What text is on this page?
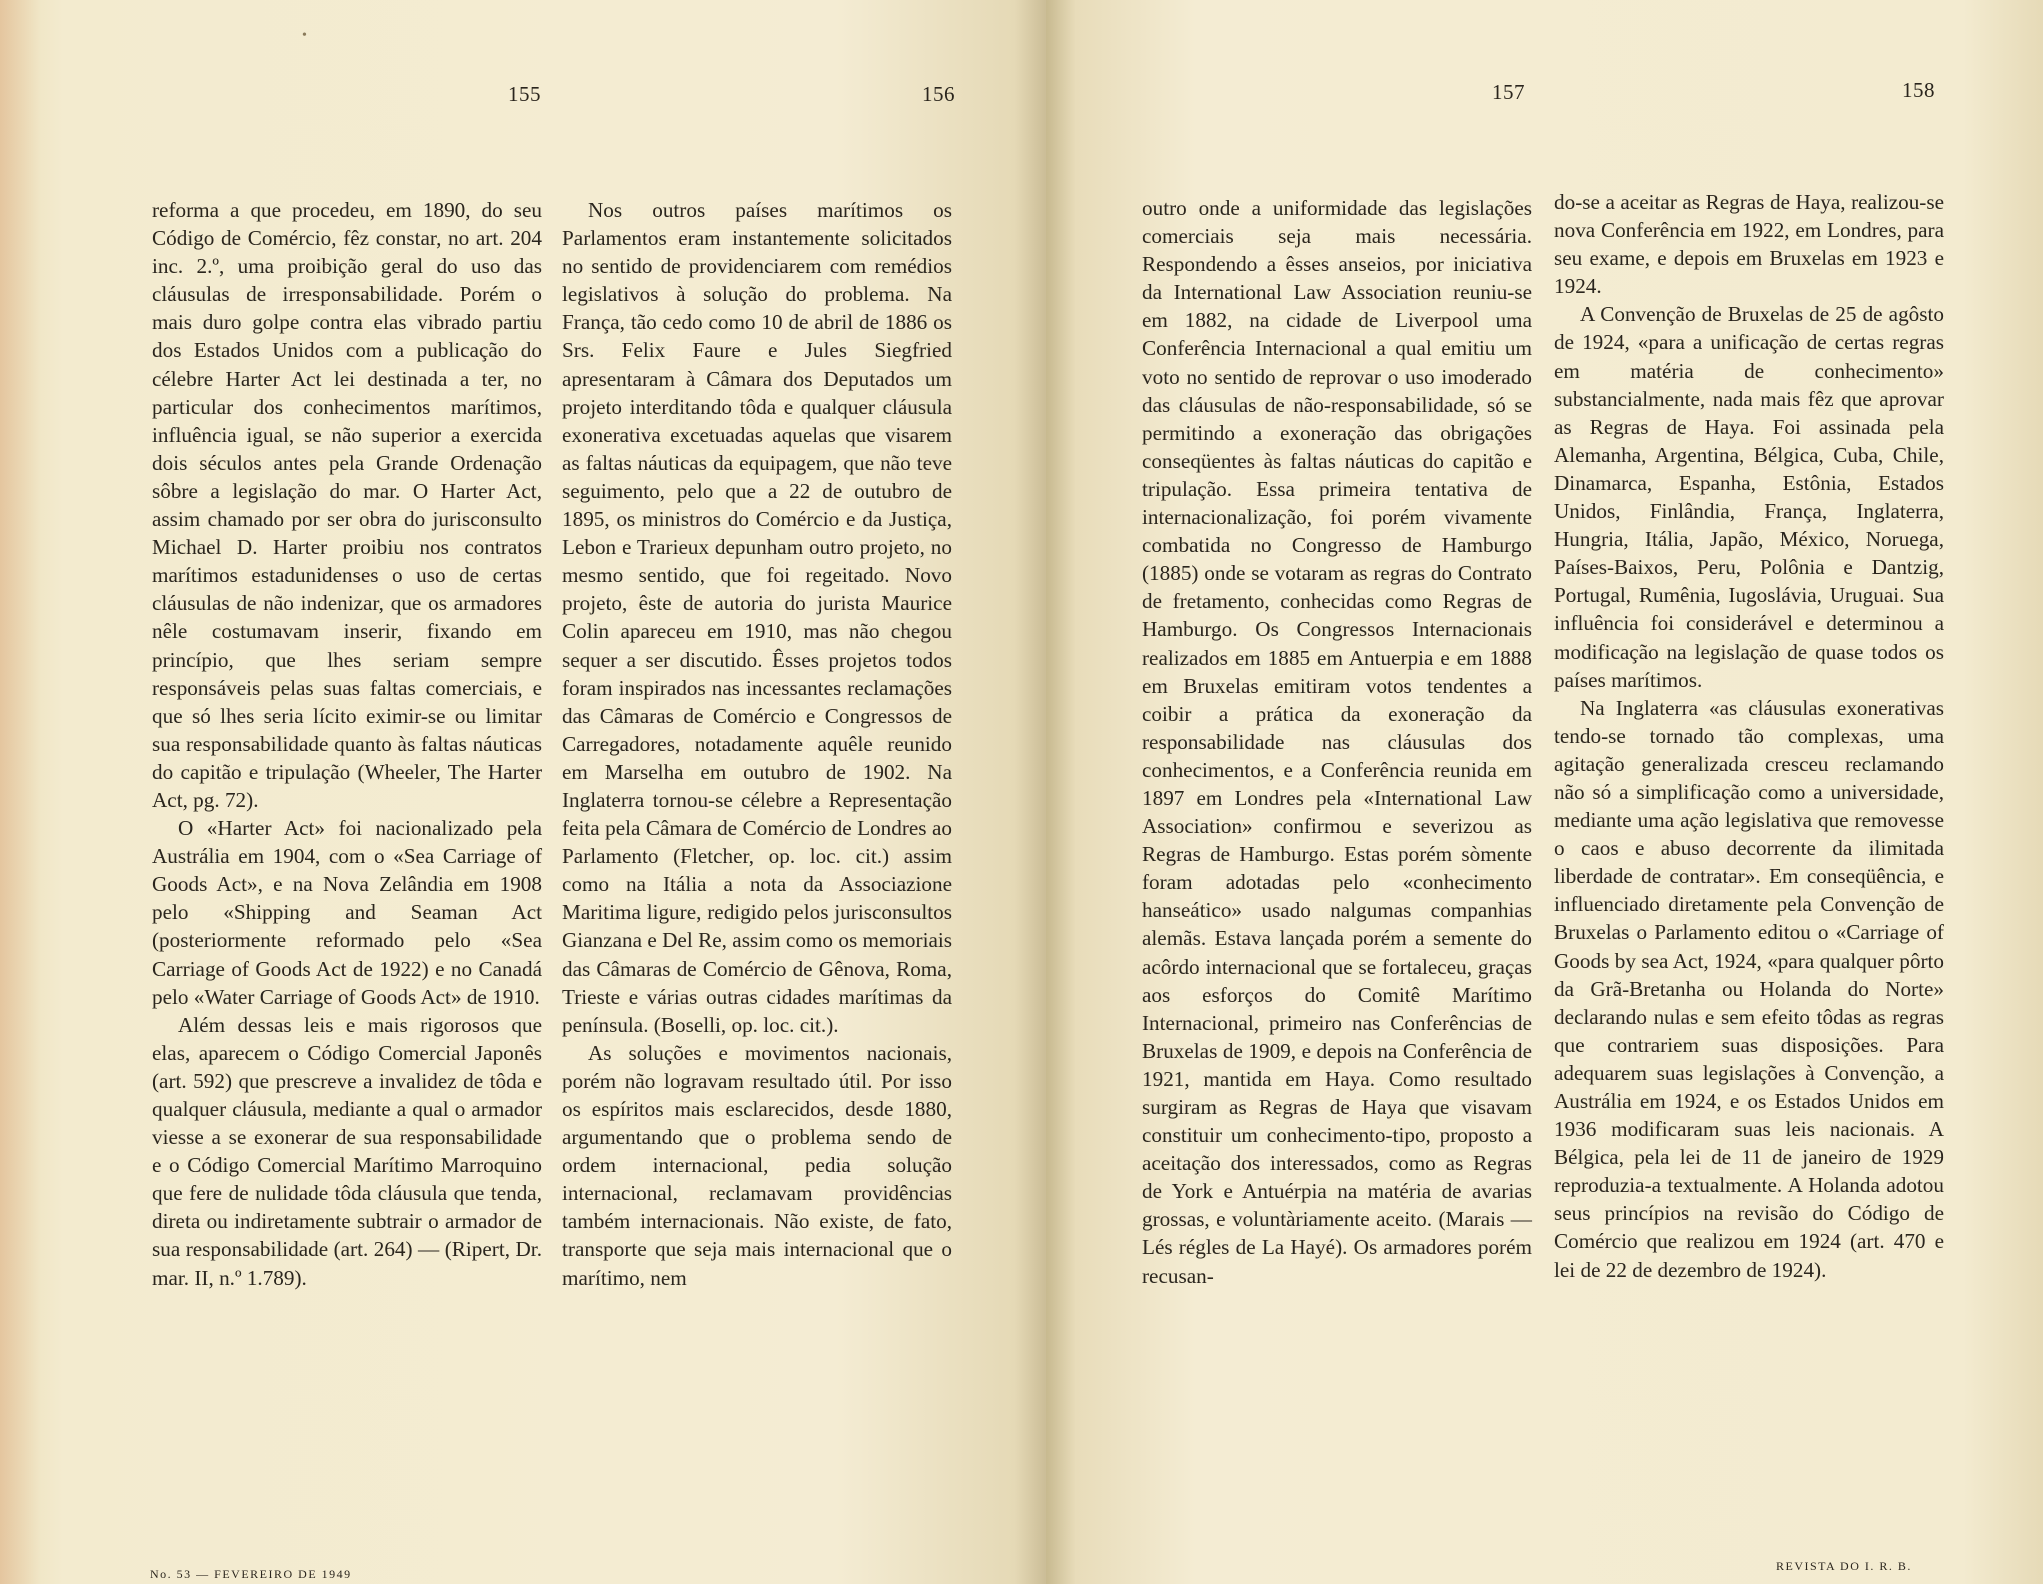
•
155	156

reforma a que procedeu, em 1890, do seu Código de Comércio, fêz constar, no art. 204 inc. 2.º, uma proibição geral do uso das cláusulas de irresponsabilidade. Porém o mais duro golpe contra elas vibrado partiu dos Estados Unidos com a publicação do célebre Harter Act lei destinada a ter, no particular dos conhecimentos marítimos, influência igual, se não superior a exercida dois séculos antes pela Grande Ordenação sôbre a legislação do mar. O Harter Act, assim chamado por ser obra do jurisconsulto Michael D. Harter proibiu nos contratos marítimos estadunidenses o uso de certas cláusulas de não indenizar, que os armadores nêle costumavam inserir, fixando em princípio, que lhes seriam sempre responsáveis pelas suas faltas comerciais, e que só lhes seria lícito eximir-se ou limitar sua responsabilidade quanto às faltas náuticas do capitão e tripulação (Wheeler, The Harter Act, pg. 72).

O «Harter Act» foi nacionalizado pela Austrália em 1904, com o «Sea Carriage of Goods Act», e na Nova Zelândia em 1908 pelo «Shipping and Seaman Act (posteriormente reformado pelo «Sea Carriage of Goods Act de 1922) e no Canadá pelo «Water Carriage of Goods Act» de 1910.

Além dessas leis e mais rigorosos que elas, aparecem o Código Comercial Japonês (art. 592) que prescreve a invalidez de tôda e qualquer cláusula, mediante a qual o armador viesse a se exonerar de sua responsabilidade e o Código Comercial Marítimo Marroquino que fere de nulidade tôda cláusula que tenda, direta ou indiretamente subtrair o armador de sua responsabilidade (art. 264) — (Ripert, Dr. mar. II, n.º 1.789).

Nos outros países marítimos os Parlamentos eram instantemente solicitados no sentido de providenciarem com remédios legislativos à solução do problema. Na França, tão cedo como 10 de abril de 1886 os Srs. Felix Faure e Jules Siegfried apresentaram à Câmara dos Deputados um projeto interditando tôda e qualquer cláusula exonerativa excetuadas aquelas que visarem as faltas náuticas da equipagem, que não teve seguimento, pelo que a 22 de outubro de 1895, os ministros do Comércio e da Justiça, Lebon e Trarieux depunham outro projeto, no mesmo sentido, que foi regeitado. Novo projeto, êste de autoria do jurista Maurice Colin apareceu em 1910, mas não chegou sequer a ser discutido. Êsses projetos todos foram inspirados nas incessantes reclamações das Câmaras de Comércio e Congressos de Carregadores, notadamente aquêle reunido em Marselha em outubro de 1902. Na Inglaterra tornou-se célebre a Representação feita pela Câmara de Comércio de Londres ao Parlamento (Fletcher, op. loc. cit.) assim como na Itália a nota da Associazione Maritima ligure, redigido pelos jurisconsultos Gianzana e Del Re, assim como os memoriais das Câmaras de Comércio de Gênova, Roma, Trieste e várias outras cidades marítimas da península. (Boselli, op. loc. cit.).

As soluções e movimentos nacionais, porém não logravam resultado útil. Por isso os espíritos mais esclarecidos, desde 1880, argumentando que o problema sendo de ordem internacional, pedia solução internacional, reclamavam providências também internacionais. Não existe, de fato, transporte que seja mais internacional que o marítimo, nem

No. 53 — FEVEREIRO DE 1949
157	158

outro onde a uniformidade das legislações comerciais seja mais necessária. Respondendo a êsses anseios, por iniciativa da International Law Association reuniu-se em 1882, na cidade de Liverpool uma Conferência Internacional a qual emitiu um voto no sentido de reprovar o uso imoderado das cláusulas de não-responsabilidade, só se permitindo a exoneração das obrigações conseqüentes às faltas náuticas do capitão e tripulação. Essa primeira tentativa de internacionalização, foi porém vivamente combatida no Congresso de Hamburgo (1885) onde se votaram as regras do Contrato de fretamento, conhecidas como Regras de Hamburgo. Os Congressos Internacionais realizados em 1885 em Antuerpia e em 1888 em Bruxelas emitiram votos tendentes a coibir a prática da exoneração da responsabilidade nas cláusulas dos conhecimentos, e a Conferência reunida em 1897 em Londres pela «International Law Association» confirmou e severizou as Regras de Hamburgo. Estas porém sòmente foram adotadas pelo «conhecimento hanseático» usado nalgumas companhias alemãs. Estava lançada porém a semente do acôrdo internacional que se fortaleceu, graças aos esforços do Comitê Marítimo Internacional, primeiro nas Conferências de Bruxelas de 1909, e depois na Conferência de 1921, mantida em Haya. Como resultado surgiram as Regras de Haya que visavam constituir um conhecimento-tipo, proposto a aceitação dos interessados, como as Regras de York e Antuérpia na matéria de avarias grossas, e voluntàriamente aceito. (Marais — Lés régles de La Hayé). Os armadores porém recusan-

do-se a aceitar as Regras de Haya, realizou-se nova Conferência em 1922, em Londres, para seu exame, e depois em Bruxelas em 1923 e 1924.

A Convenção de Bruxelas de 25 de agôsto de 1924, «para a unificação de certas regras em matéria de conhecimento» substancialmente, nada mais fêz que aprovar as Regras de Haya. Foi assinada pela Alemanha, Argentina, Bélgica, Cuba, Chile, Dinamarca, Espanha, Estônia, Estados Unidos, Finlândia, França, Inglaterra, Hungria, Itália, Japão, México, Noruega, Países-Baixos, Peru, Polônia e Dantzig, Portugal, Rumênia, Iugoslávia, Uruguai. Sua influência foi considerável e determinou a modificação na legislação de quase todos os países marítimos.

Na Inglaterra «as cláusulas exonerativas tendo-se tornado tão complexas, uma agitação generalizada cresceu reclamando não só a simplificação como a universidade, mediante uma ação legislativa que removesse o caos e abuso decorrente da ilimitada liberdade de contratar». Em conseqüência, e influenciado diretamente pela Convenção de Bruxelas o Parlamento editou o «Carriage of Goods by sea Act, 1924, «para qualquer pôrto da Grã-Bretanha ou Holanda do Norte» declarando nulas e sem efeito tôdas as regras que contrariem suas disposições. Para adequarem suas legislações à Convenção, a Austrália em 1924, e os Estados Unidos em 1936 modificaram suas leis nacionais. A Bélgica, pela lei de 11 de janeiro de 1929 reproduzia-a textualmente. A Holanda adotou seus princípios na revisão do Código de Comércio que realizou em 1924 (art. 470 e lei de 22 de dezembro de 1924).

REVISTA DO I. R. B.
